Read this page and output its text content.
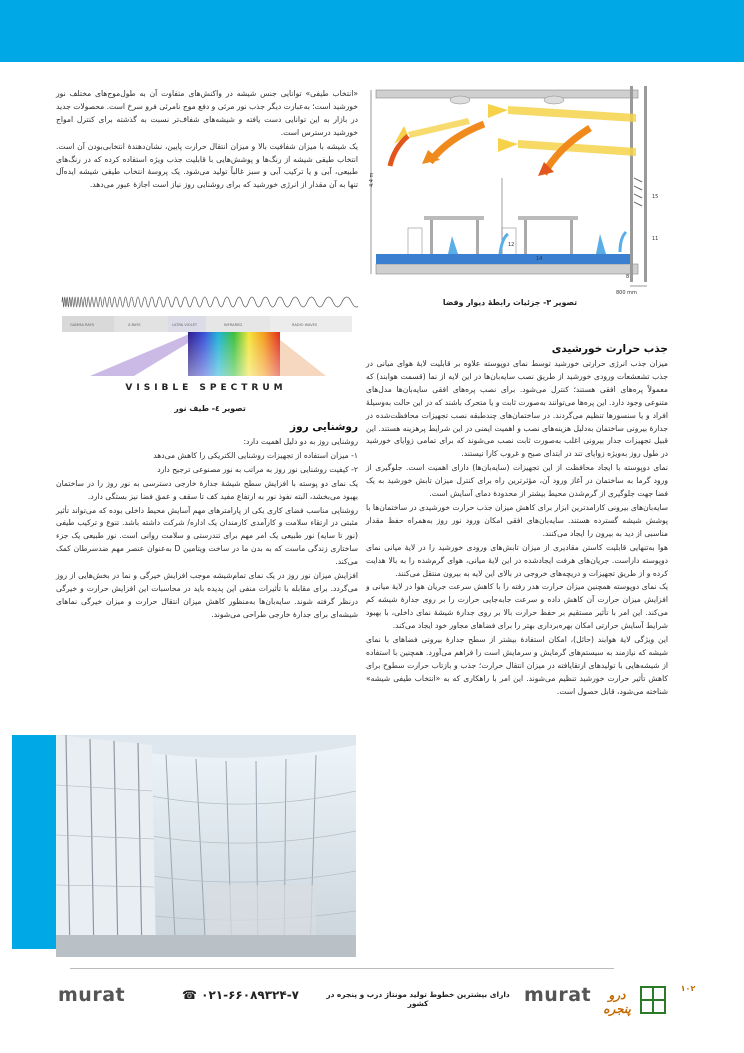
4.4 m
800 mm
15
11
12
14
8
تصویر ۳- جزئیات رابطهٔ دیوار وفضا

«انتخاب طیفی» توانایی جنس شیشه در واکنش‌های متفاوت آن به طول‌موج‌های مختلف نور خورشید است؛ به‌عبارت دیگر جذب نور مرئی و دفع موج نامرئی فرو سرخ است. محصولات جدید در بازار به این توانایی دست یافته و شیشه‌های شفاف‌تر نسبت به گذشته برای کنترل امواج خورشید درسترس است.

یک شیشه با میزان شفافیت بالا و میزان انتقال حرارت پایین، نشان‌دهندهٔ انتخابی‌بودن آن است. انتخاب طیفی شیشه از رنگ‌ها و پوشش‌هایی با قابلیت جذب ویژه استفاده کرده که در رنگ‌های طبیعی، آبی و یا ترکیب آبی و سبز غالباً تولید می‌شود. یک پروسهٔ انتخاب طیفی شیشه ایده‌آل تنها به آن مقدار از انرژی خورشید که برای روشنایی روز نیاز است اجازهٔ عبور می‌دهد.

GAMMA RAYS	X-RAYS	ULTRA VIOLET	INFRARED	RADIO WAVES
VISIBLE SPECTRUM
تصویر ٤- طیف نور
روشنایی روز

روشنایی روز به دو دلیل اهمیت دارد:

۱- میزان استفاده از تجهیزات روشنایی الکتریکی را کاهش می‌دهد

۲- کیفیت روشنایی نور روز به مراتب به نور مصنوعی ترجیح دارد

یک نمای دو پوسته با افزایش سطح شیشهٔ جدارهٔ خارجی دسترسی به نور روز را در ساختمان بهبود می‌بخشد، البته نفوذ نور به ارتفاع مفید کف تا سقف و عمق فضا نیز بستگی دارد.

روشنایی مناسب فضای کاری یکی از پارامترهای مهم آسایش محیط داخلی بوده که می‌تواند تأثیر مثبتی در ارتقاء سلامت و کارآمدی کارمندان یک اداره/ شرکت داشته باشد. تنوع و ترکیب طیفی (نور تا سایه) نور طبیعی یک امر مهم برای تندرستی و سلامت روانی است. نور طبیعی یک جزء ساختاری زندگی ماست که به بدن ما در ساخت ویتامین D به‌عنوان عنصر مهم ضدسرطان کمک می‌کند.

افزایش میزان نور روز در یک نمای تمام‌شیشه موجب افزایش خیرگی و نما در بخش‌هایی از روز می‌گردد. برای مقابله با تأثیرات منفی این پدیده باید در محاسبات این افزایش حرارت و خیرگی درنظر گرفته شوند. سایه‌بان‌ها به‌منظور کاهش میزان انتقال حرارت و میزان خیرگی نماهای شیشه‌ای برای جدارهٔ خارجی طراحی می‌شوند.

جذب حرارت خورشیدی

میزان جذب انرژی حرارتی خورشید توسط نمای دوپوسته علاوه بر قابلیت لایهٔ هوای میانی در جذب تشعشعات ورودی خورشید از طریق نصب سایه‌بان‌ها در این لایه از نما (قسمت هوابند) که معمولاً پره‌های افقی هستند؛ کنترل می‌شود. برای نصب پره‌های افقی سایه‌بان‌ها مدل‌های متنوعی وجود دارد. این پره‌ها می‌توانند به‌صورت ثابت و یا متحرک باشند که در این حالت به‌وسیلهٔ افراد و یا سنسورها تنظیم می‌گردند. در ساختمان‌های چندطبقه نصب تجهیزات محافظت‌شده در جدارهٔ بیرونی ساختمان به‌دلیل هزینه‌های نصب و اهمیت ایمنی در این شرایط پرهزینه هستند. این قبیل تجهیزات جدار بیرونی اغلب به‌صورت ثابت نصب می‌شوند که برای تمامی زوایای خورشید در طول روز به‌ویژه زوایای تند در ابتدای صبح و غروب کارا نیستند.

نمای دوپوسته با ایجاد محافظت از این تجهیزات (سایه‌بان‌ها) دارای اهمیت است. جلوگیری از ورود گرما به ساختمان در آغاز ورود آن، مؤثرترین راه برای کنترل میزان تابش خورشید به یک فضا جهت جلوگیری از گرم‌شدن محیط بیشتر از محدودهٔ دمای آسایش است.

سایه‌بان‌های بیرونی کارامدترین ابزار برای کاهش میزان جذب حرارت خورشیدی در ساختمان‌ها با پوشش شیشه گسترده هستند. سایه‌بان‌های افقی امکان ورود نور روز به‌همراه حفظ مقدار مناسبی از دید به بیرون را ایجاد می‌کنند.

هوا به‌تنهایی قابلیت کاستن مقادیری از میزان تابش‌های ورودی خورشید را در لایهٔ میانی نمای دوپوسته داراست. جریان‌های هرفت ایجادشده در این لایهٔ میانی، هوای گرم‌شده را به بالا هدایت کرده و از طریق تجهیزات و دریچه‌های خروجی در بالای این لایه به بیرون منتقل می‌کنند.

یک نمای دوپوسته همچنین میزان حرارت هدر رفته را با کاهش سرعت جریان هوا در لایهٔ میانی و افزایش میزان حرارت آن کاهش داده و سرعت جابه‌جایی حرارت را بر روی جدارهٔ شیشه کم می‌کند. این امر با تأثیر مستقیم بر حفظ حرارت بالا بر روی جدارهٔ شیشهٔ نمای داخلی، با بهبود شرایط آسایش حرارتی امکان بهره‌برداری بهتر را برای فضاهای مجاور خود ایجاد می‌کند.

این ویژگی لایهٔ هوابند (حائل)، امکان استفادهٔ بیشتر از سطح جدارهٔ بیرونی فضاهای با نمای شیشه که نیازمند به سیستم‌های گرمایش و سرمایش است را فراهم می‌آورد. همچنین با استفاده از شیشه‌هایی با تولیدهای ارتقایافته در میزان انتقال حرارت؛ جذب و بازتاب حرارت سطوح برای کاهش تأثیر حرارت خورشید تنظیم می‌شوند. این امر با راهکاری که به «انتخاب طیفی شیشه» شناخته می‌شود، قابل حصول است.

murat	☎ ۰۲۱-۶۶۰۸۹۳۲۴-۷	دارای بیشترین خطوط تولید مونتاژ درب و پنجره در کشور	murat	درو پنجره
۱۰۲
